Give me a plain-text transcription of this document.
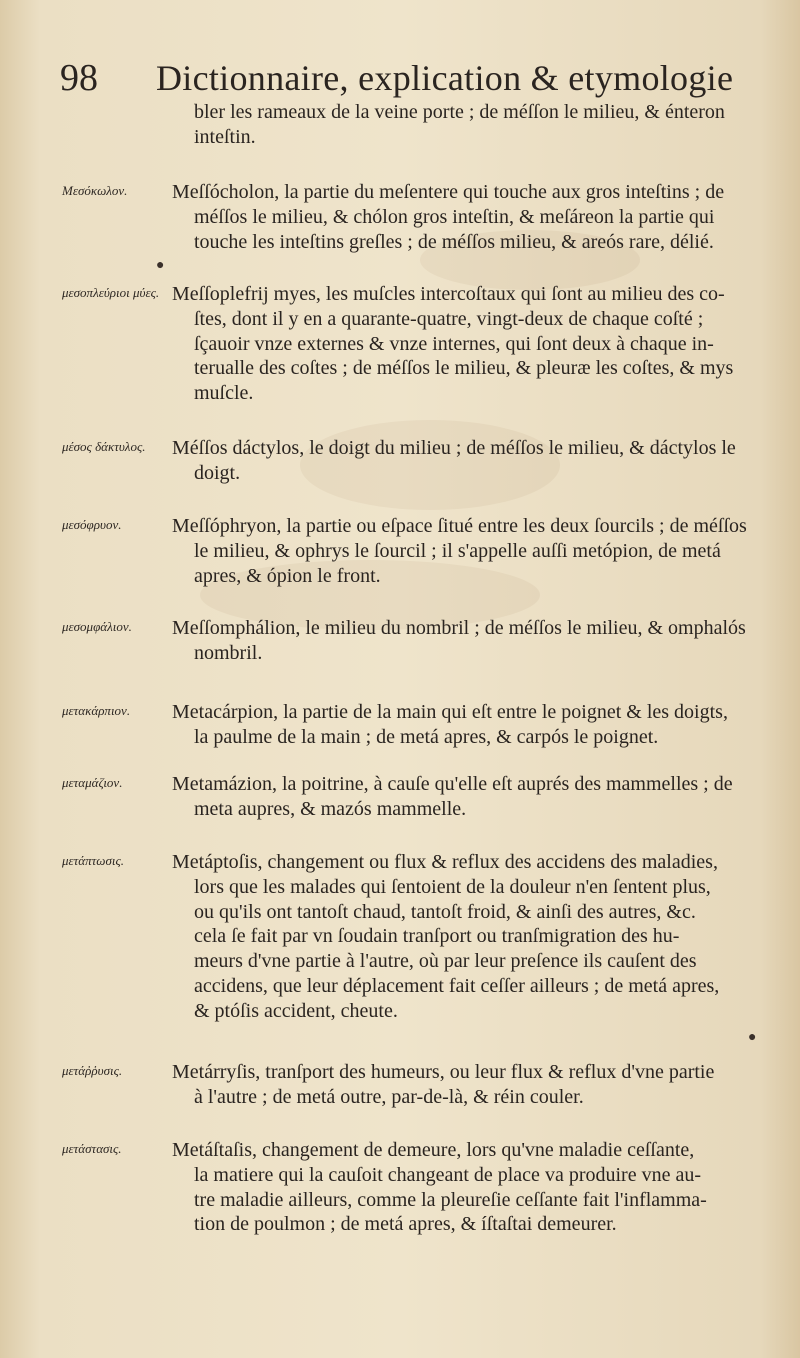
98 Dictionnaire, explication & etymologie
bler les rameaux de la veine porte ; de méſſon le milieu, & énteron
inteſtin.
Μεσόκωλον. Meſſócholon, la partie du meſentere qui touche aux gros inteſtins ; de
méſſos le milieu, & chólon gros inteſtin, & meſáreon la partie qui
touche les inteſtins greſles ; de méſſos milieu, & areós rare, délié.
●
μεσοπλεύριοι μύες. Meſſoplefrij myes, les muſcles intercoſtaux qui ſont au milieu des co-
ſtes, dont il y en a quarante-quatre, vingt-deux de chaque coſté ;
ſçauoir vnze externes & vnze internes, qui ſont deux à chaque in-
terualle des coſtes ; de méſſos le milieu, & pleuræ les coſtes, & mys
muſcle.
μέσος δάκτυλος.	Méſſos dáctylos, le doigt du milieu ; de méſſos le milieu, & dáctylos le
doigt.
μεσόφρυον.	Meſſóphryon, la partie ou eſpace ſitué entre les deux ſourcils ; de méſſos
le milieu, & ophrys le ſourcil ; il s'appelle auſſi metópion, de metá
apres, & ópion le front.
μεσομφάλιον. Meſſomphálion, le milieu du nombril ; de méſſos le milieu, & omphalós
nombril.
μετακάρπιον. Metacárpion, la partie de la main qui eſt entre le poignet & les doigts,
la paulme de la main ; de metá apres, & carpós le poignet.
μεταμάζιον. Metamázion, la poitrine, à cauſe qu'elle eſt auprés des mammelles ; de
meta aupres, & mazós mammelle.
μετάπτωσις. Metáptoſis, changement ou flux & reflux des accidens des maladies,
lors que les malades qui ſentoient de la douleur n'en ſentent plus,
ou qu'ils ont tantoſt chaud, tantoſt froid, & ainſi des autres, &c.
cela ſe fait par vn ſoudain tranſport ou tranſmigration des hu-
meurs d'vne partie à l'autre, où par leur preſence ils cauſent des
accidens, que leur déplacement fait ceſſer ailleurs ; de metá apres,
& ptóſis accident, cheute.
●
μετάῤῥυσις. Metárryſis, tranſport des humeurs, ou leur flux & reflux d'vne partie
à l'autre ; de metá outre, par-de-là, & réin couler.
μετάστασις.	Metáſtaſis, changement de demeure, lors qu'vne maladie ceſſante,
la matiere qui la cauſoit changeant de place va produire vne au-
tre maladie ailleurs, comme la pleureſie ceſſante fait l'inflamma-
tion de poulmon ; de metá apres, & íſtaſtai demeurer.
